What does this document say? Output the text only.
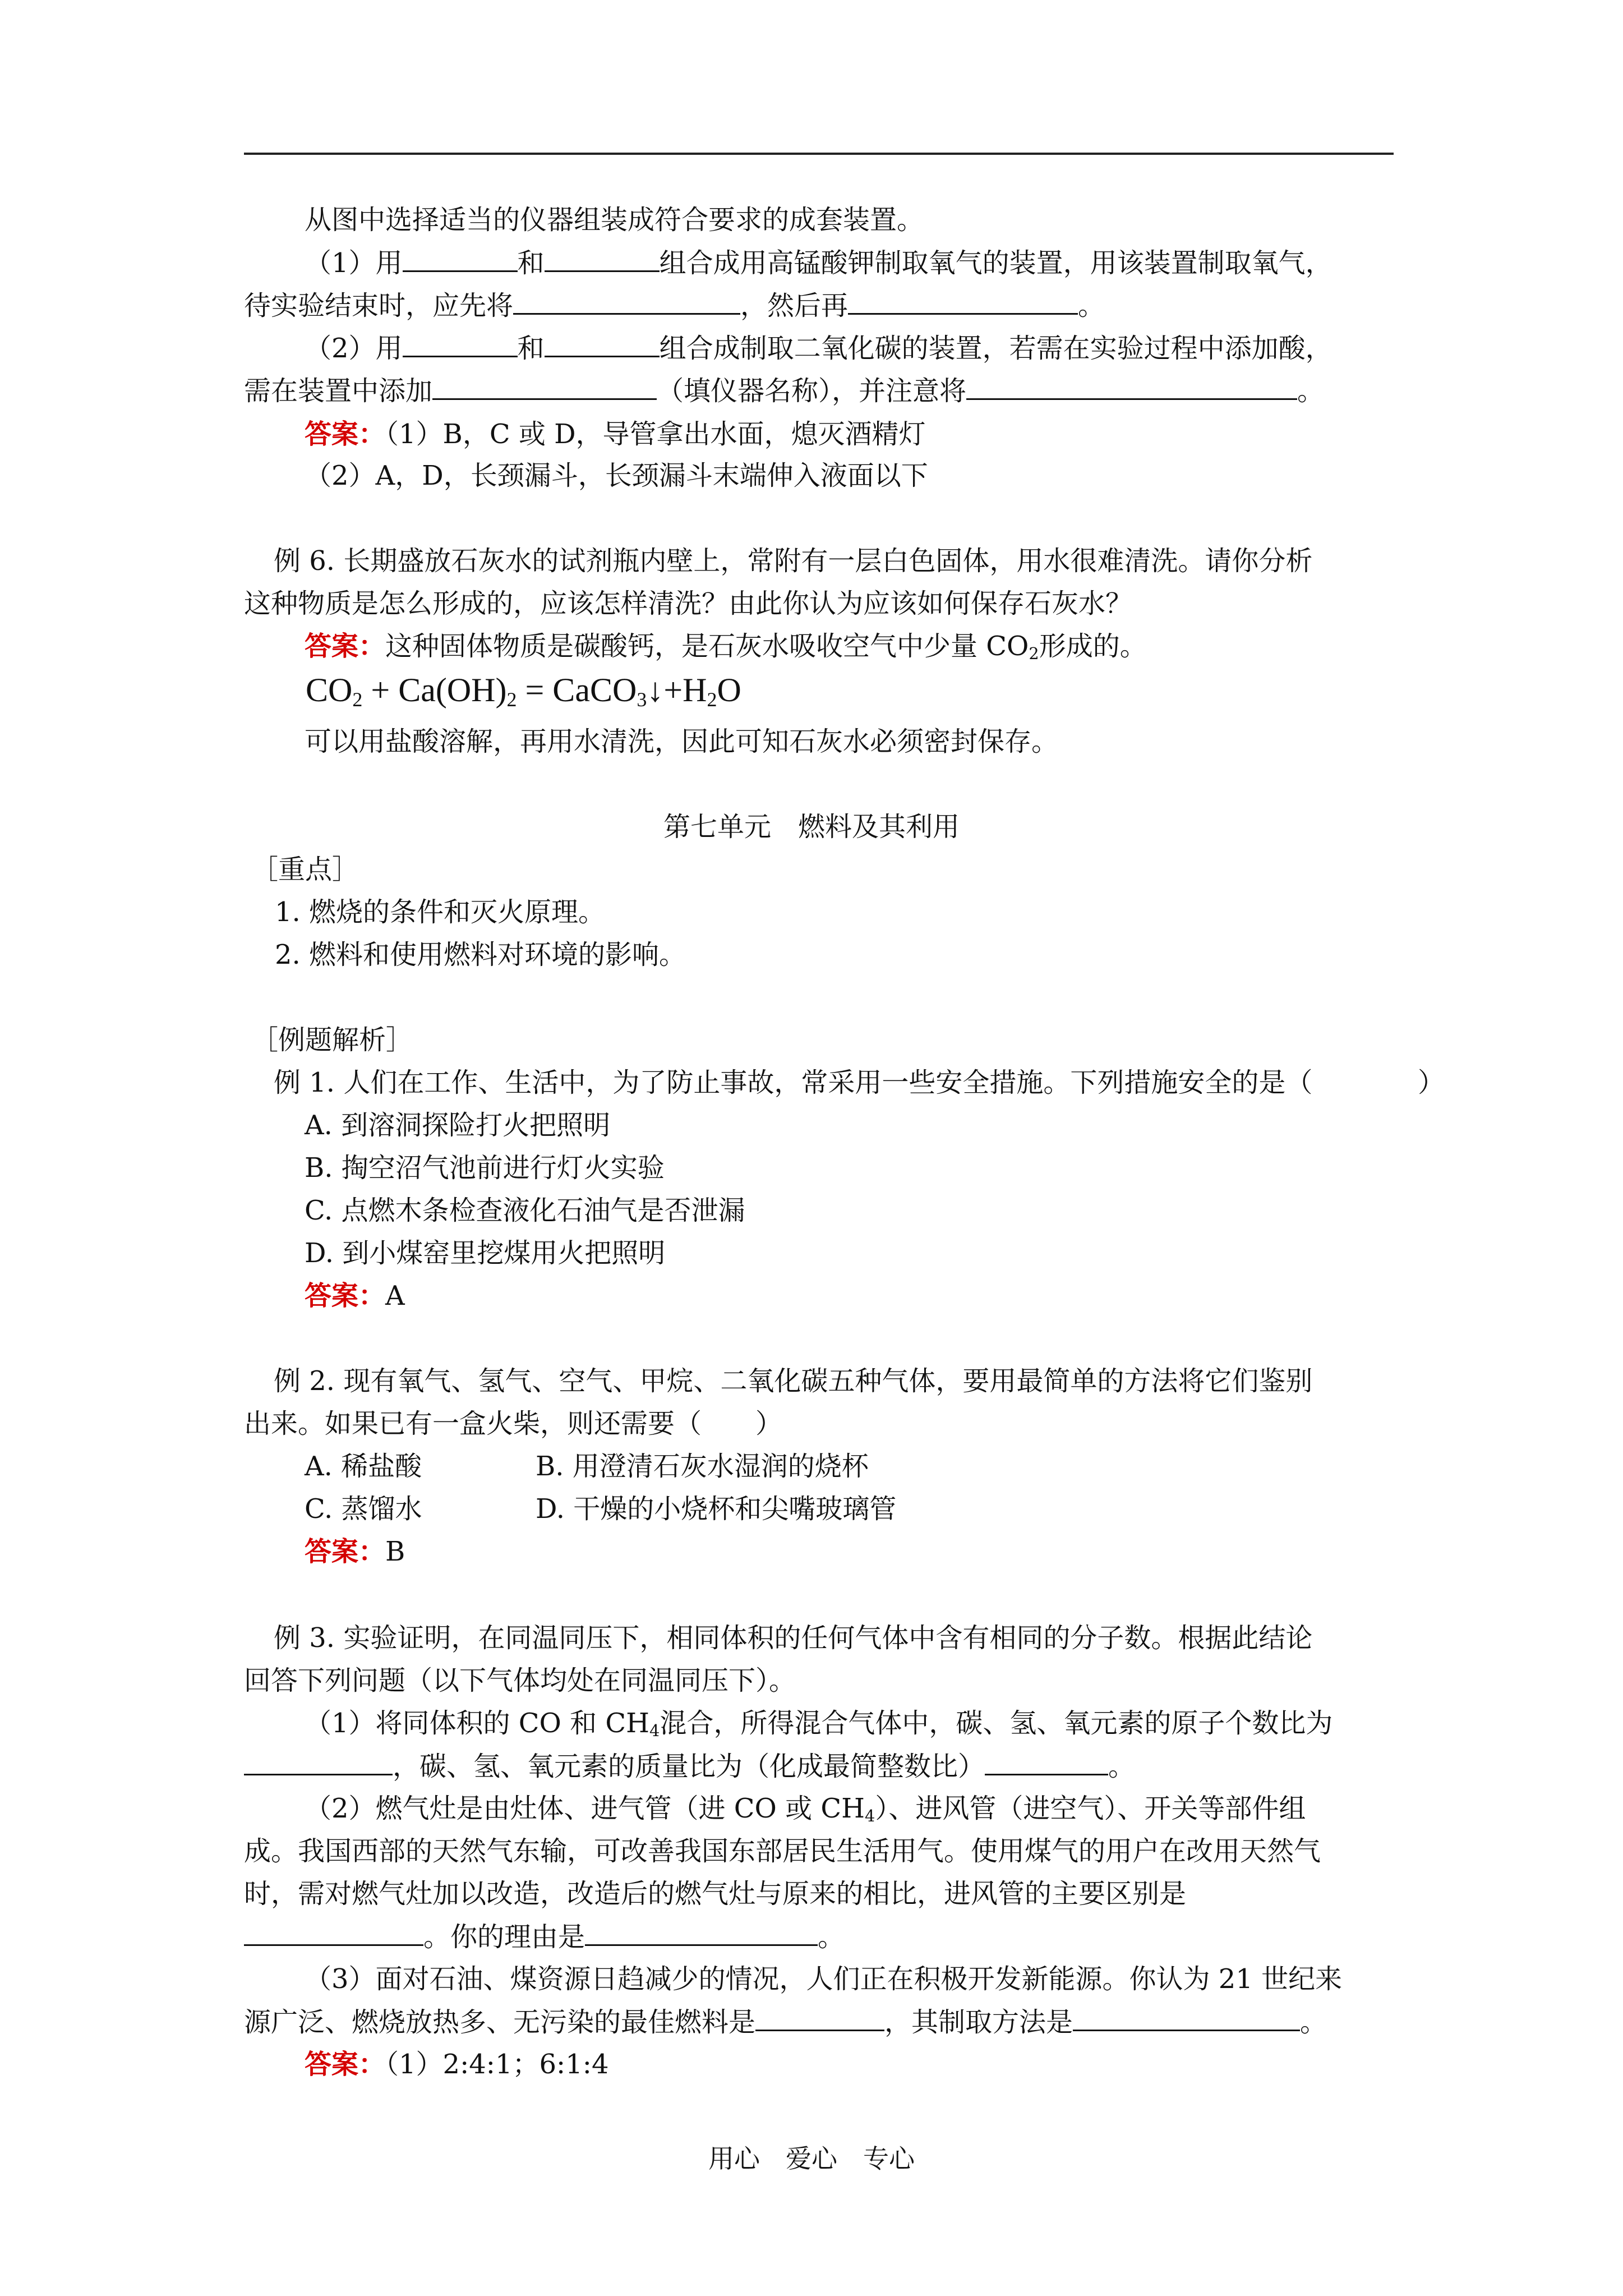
从图中选择适当的仪器组装成符合要求的成套装置。

（1）用	和	组合成用高锰酸钾制取氧气的装置，用该装置制取氧气，

待实验结束时，应先将	，然后再	。

（2）用	和	组合成制取二氧化碳的装置，若需在实验过程中添加酸，

需在装置中添加	（填仪器名称），并注意将	。

答案：（1）B，C 或 D，导管拿出水面，熄灭酒精灯

（2）A，D，长颈漏斗，长颈漏斗末端伸入液面以下

例 6. 长期盛放石灰水的试剂瓶内壁上，常附有一层白色固体，用水很难清洗。请你分析

这种物质是怎么形成的，应该怎样清洗？由此你认为应该如何保存石灰水？

答案：这种固体物质是碳酸钙，是石灰水吸收空气中少量 $CO_2$形成的。

$CO_2 + Ca(OH)_2$ = $CaCO_3↓+H_2O$

可以用盐酸溶解，再用水清洗，因此可知石灰水必须密封保存。

第七单元　燃料及其利用

［重点］

1. 燃烧的条件和灭火原理。

2. 燃料和使用燃料对环境的影响。

［例题解析］

例 1. 人们在工作、生活中，为了防止事故，常采用一些安全措施。下列措施安全的是（	）

A. 到溶洞探险打火把照明

B. 掏空沼气池前进行灯火实验

C. 点燃木条检查液化石油气是否泄漏

D. 到小煤窑里挖煤用火把照明

答案：A

例 2. 现有氧气、氢气、空气、甲烷、二氧化碳五种气体，要用最简单的方法将它们鉴别

出来。如果已有一盒火柴，则还需要（　　）

A. 稀盐酸	B. 用澄清石灰水湿润的烧杯

C. 蒸馏水	D. 干燥的小烧杯和尖嘴玻璃管

答案：B

例 3. 实验证明，在同温同压下，相同体积的任何气体中含有相同的分子数。根据此结论

回答下列问题（以下气体均处在同温同压下）。

（1）将同体积的 CO 和 $CH_4$混合，所得混合气体中，碳、氢、氧元素的原子个数比为

，碳、氢、氧元素的质量比为（化成最简整数比）	。

（2）燃气灶是由灶体、进气管（进 CO 或 $CH_4$）、进风管（进空气）、开关等部件组

成。我国西部的天然气东输，可改善我国东部居民生活用气。使用煤气的用户在改用天然气

时，需对燃气灶加以改造，改造后的燃气灶与原来的相比，进风管的主要区别是

。你的理由是	。

（3）面对石油、煤资源日趋减少的情况，人们正在积极开发新能源。你认为 21 世纪来

源广泛、燃烧放热多、无污染的最佳燃料是	，其制取方法是	。

答案：（1）2:4:1；6:1:4

用心　爱心　专心
